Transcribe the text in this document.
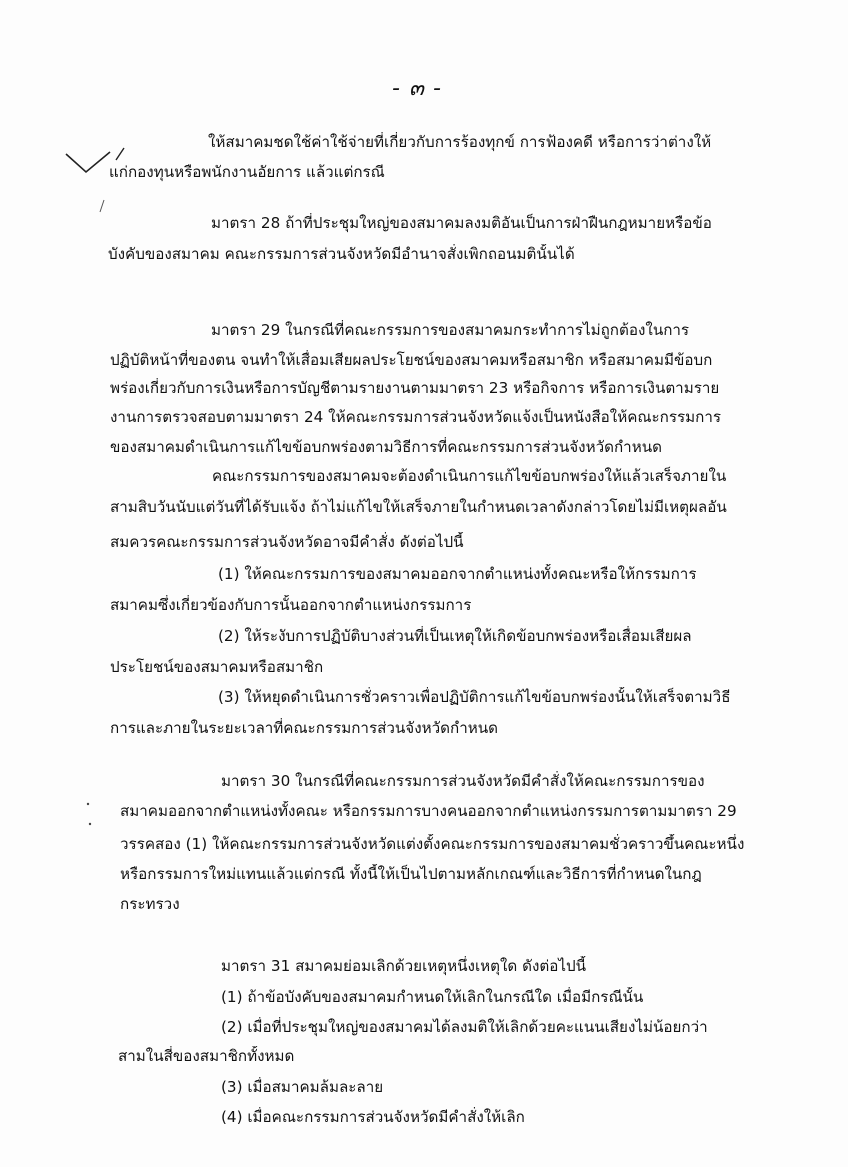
- ๓ -
ให้สมาคมชดใช้ค่าใช้จ่ายที่เกี่ยวกับการร้องทุกข์ การฟ้องคดี หรือการว่าต่างให้
แก่กองทุนหรือพนักงานอัยการ แล้วแต่กรณี
มาตรา 28 ถ้าที่ประชุมใหญ่ของสมาคมลงมติอันเป็นการฝ่าฝืนกฎหมายหรือข้อ
บังคับของสมาคม คณะกรรมการส่วนจังหวัดมีอำนาจสั่งเพิกถอนมตินั้นได้
มาตรา 29 ในกรณีที่คณะกรรมการของสมาคมกระทำการไม่ถูกต้องในการ
ปฏิบัติหน้าที่ของตน จนทำให้เสื่อมเสียผลประโยชน์ของสมาคมหรือสมาชิก หรือสมาคมมีข้อบก
พร่องเกี่ยวกับการเงินหรือการบัญชีตามรายงานตามมาตรา 23 หรือกิจการ หรือการเงินตามราย
งานการตรวจสอบตามมาตรา 24 ให้คณะกรรมการส่วนจังหวัดแจ้งเป็นหนังสือให้คณะกรรมการ
ของสมาคมดำเนินการแก้ไขข้อบกพร่องตามวิธีการที่คณะกรรมการส่วนจังหวัดกำหนด
คณะกรรมการของสมาคมจะต้องดำเนินการแก้ไขข้อบกพร่องให้แล้วเสร็จภายใน
สามสิบวันนับแต่วันที่ได้รับแจ้ง ถ้าไม่แก้ไขให้เสร็จภายในกำหนดเวลาดังกล่าวโดยไม่มีเหตุผลอัน
สมควรคณะกรรมการส่วนจังหวัดอาจมีคำสั่ง ดังต่อไปนี้
(1) ให้คณะกรรมการของสมาคมออกจากตำแหน่งทั้งคณะหรือให้กรรมการ
สมาคมซึ่งเกี่ยวข้องกับการนั้นออกจากตำแหน่งกรรมการ
(2) ให้ระงับการปฏิบัติบางส่วนที่เป็นเหตุให้เกิดข้อบกพร่องหรือเสื่อมเสียผล
ประโยชน์ของสมาคมหรือสมาชิก
(3) ให้หยุดดำเนินการชั่วคราวเพื่อปฏิบัติการแก้ไขข้อบกพร่องนั้นให้เสร็จตามวิธี
การและภายในระยะเวลาที่คณะกรรมการส่วนจังหวัดกำหนด
มาตรา 30 ในกรณีที่คณะกรรมการส่วนจังหวัดมีคำสั่งให้คณะกรรมการของ
สมาคมออกจากตำแหน่งทั้งคณะ หรือกรรมการบางคนออกจากตำแหน่งกรรมการตามมาตรา 29
วรรคสอง (1) ให้คณะกรรมการส่วนจังหวัดแต่งตั้งคณะกรรมการของสมาคมชั่วคราวขึ้นคณะหนึ่ง
หรือกรรมการใหม่แทนแล้วแต่กรณี ทั้งนี้ให้เป็นไปตามหลักเกณฑ์และวิธีการที่กำหนดในกฎ
กระทรวง
มาตรา 31 สมาคมย่อมเลิกด้วยเหตุหนึ่งเหตุใด ดังต่อไปนี้
(1) ถ้าข้อบังคับของสมาคมกำหนดให้เลิกในกรณีใด เมื่อมีกรณีนั้น
(2) เมื่อที่ประชุมใหญ่ของสมาคมได้ลงมติให้เลิกด้วยคะแนนเสียงไม่น้อยกว่า
สามในสี่ของสมาชิกทั้งหมด
(3) เมื่อสมาคมล้มละลาย
(4) เมื่อคณะกรรมการส่วนจังหวัดมีคำสั่งให้เลิก
